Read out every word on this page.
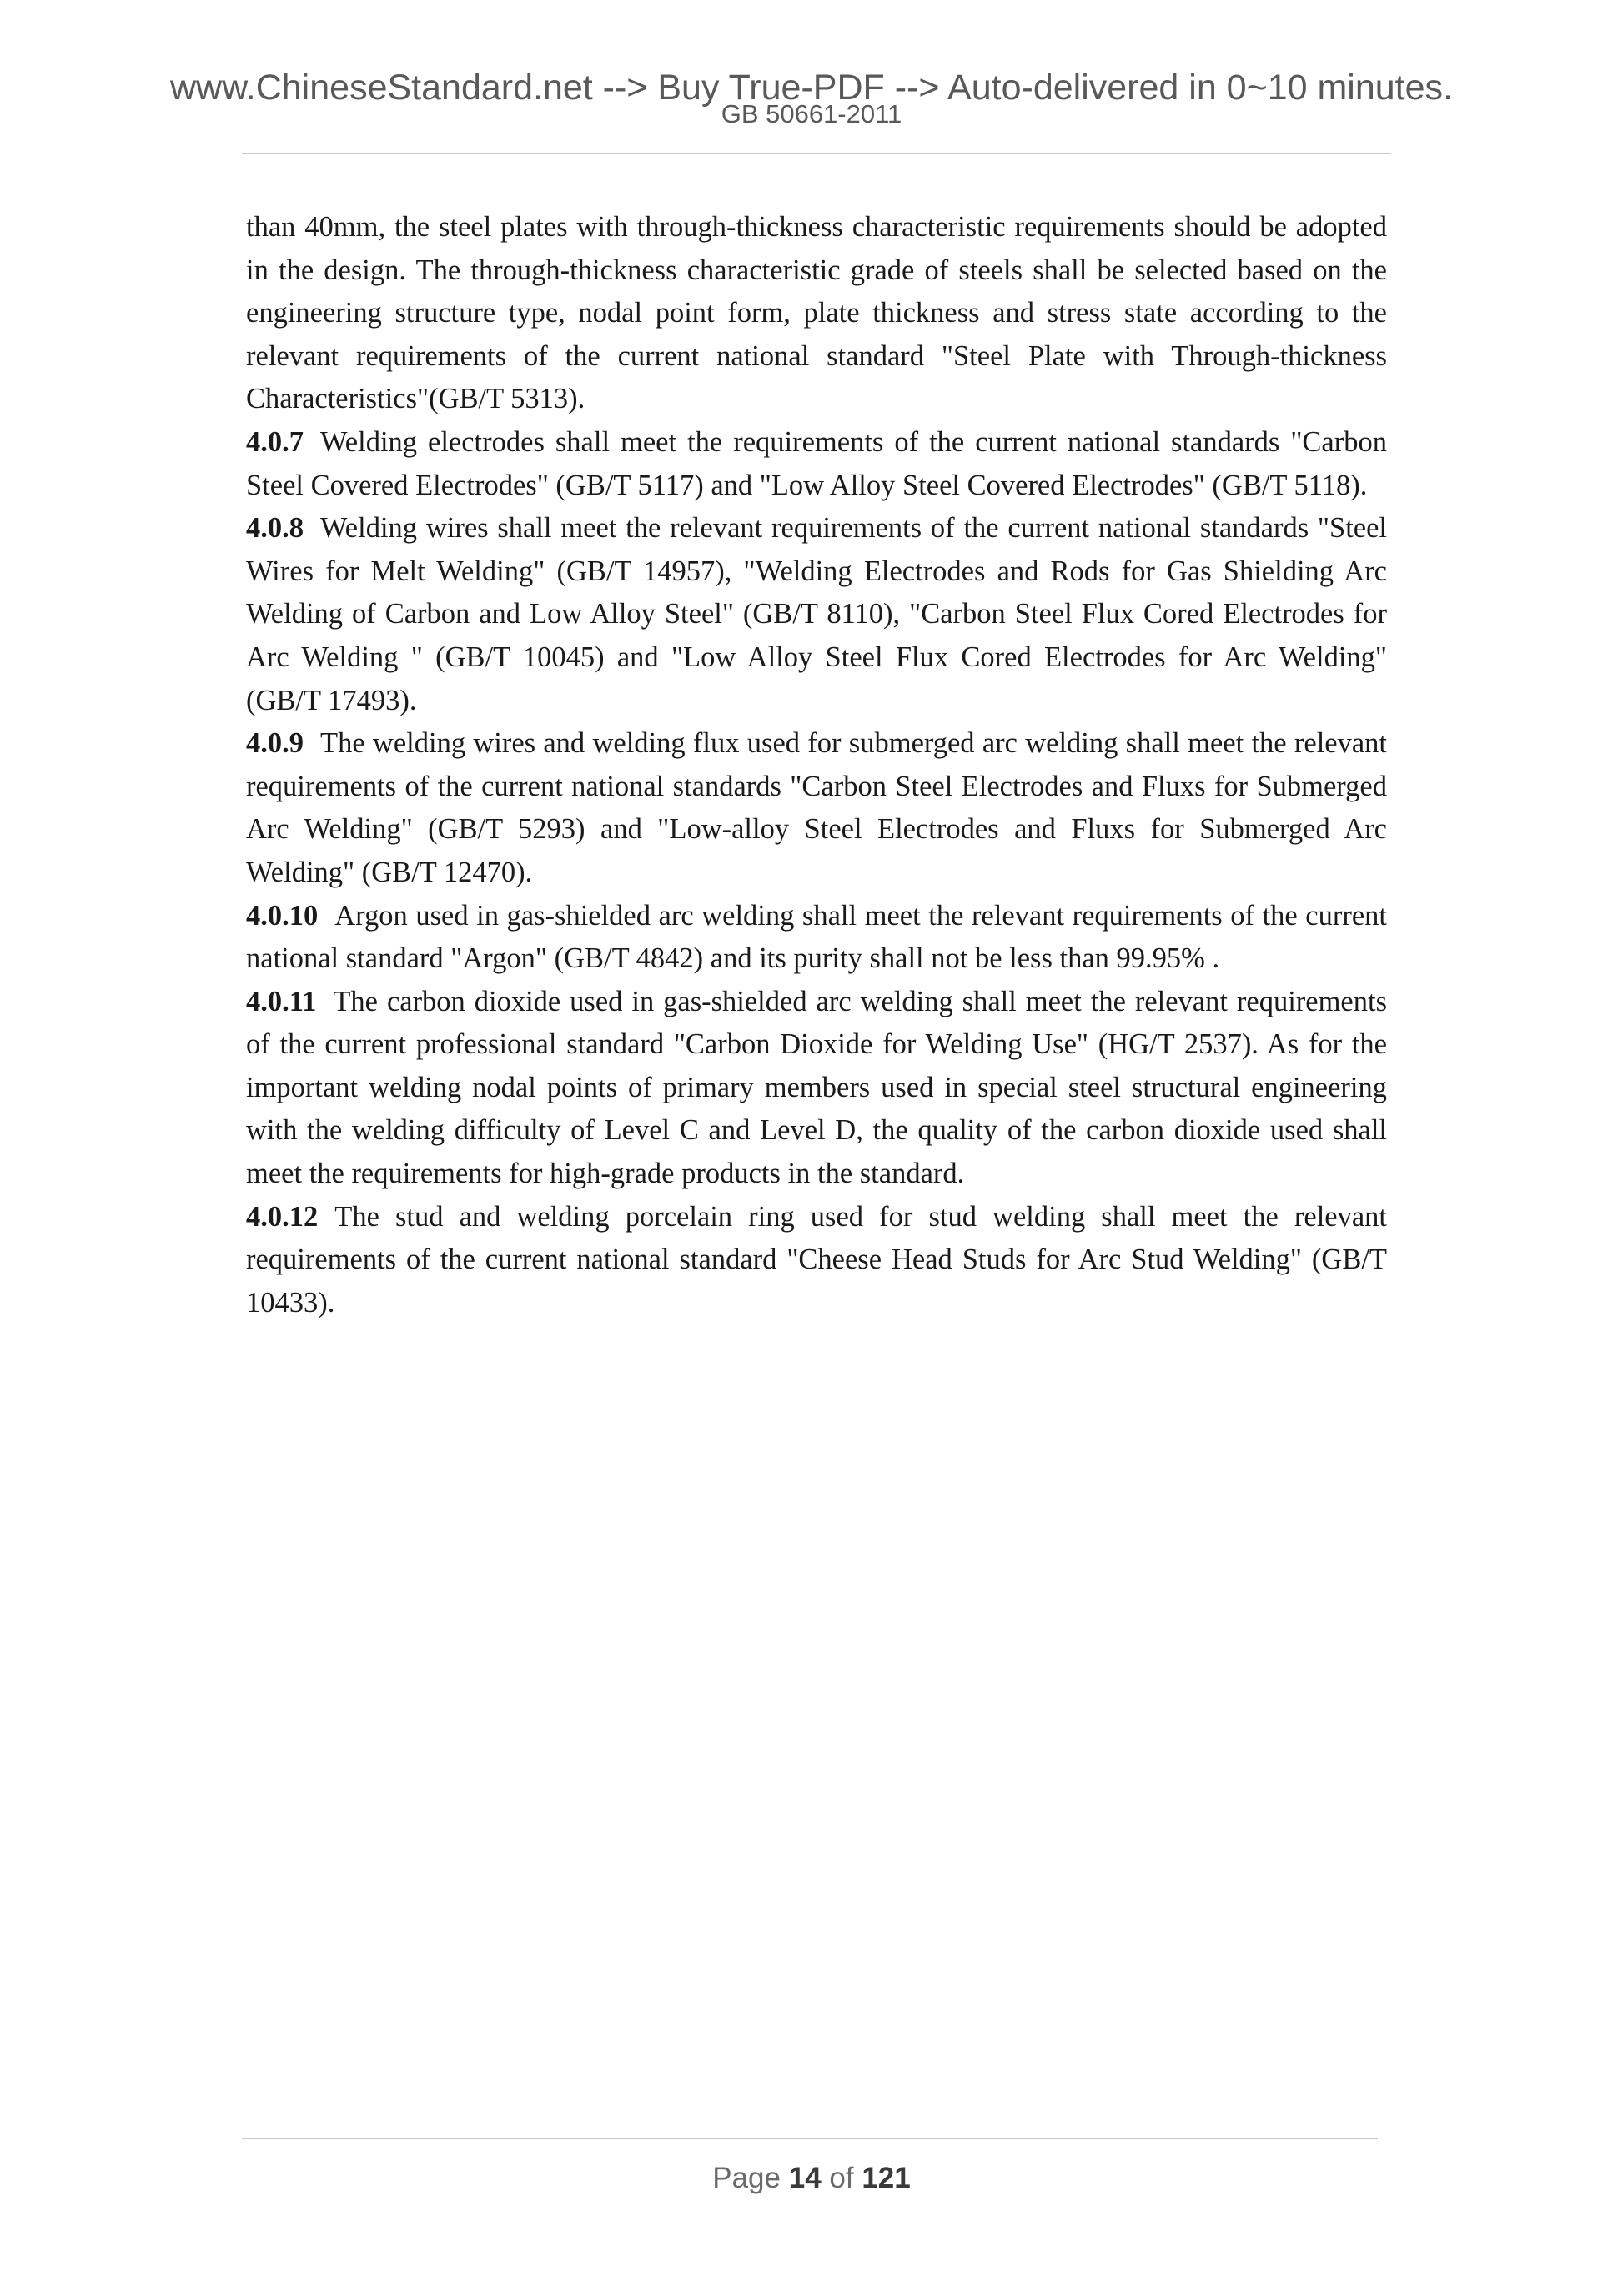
www.ChineseStandard.net --> Buy True-PDF --> Auto-delivered in 0~10 minutes.
GB 50661-2011

than 40mm, the steel plates with through-thickness characteristic requirements should be adopted in the design. The through-thickness characteristic grade of steels shall be selected based on the engineering structure type, nodal point form, plate thickness and stress state according to the relevant requirements of the current national standard "Steel Plate with Through-thickness Characteristics"(GB/T 5313).

4.0.7 Welding electrodes shall meet the requirements of the current national standards "Carbon Steel Covered Electrodes" (GB/T 5117) and "Low Alloy Steel Covered Electrodes" (GB/T 5118).

4.0.8 Welding wires shall meet the relevant requirements of the current national standards "Steel Wires for Melt Welding" (GB/T 14957), "Welding Electrodes and Rods for Gas Shielding Arc Welding of Carbon and Low Alloy Steel" (GB/T 8110), "Carbon Steel Flux Cored Electrodes for Arc Welding " (GB/T 10045) and "Low Alloy Steel Flux Cored Electrodes for Arc Welding" (GB/T 17493).

4.0.9 The welding wires and welding flux used for submerged arc welding shall meet the relevant requirements of the current national standards "Carbon Steel Electrodes and Fluxs for Submerged Arc Welding" (GB/T 5293) and "Low-alloy Steel Electrodes and Fluxs for Submerged Arc Welding" (GB/T 12470).

4.0.10 Argon used in gas-shielded arc welding shall meet the relevant requirements of the current national standard "Argon" (GB/T 4842) and its purity shall not be less than 99.95% .

4.0.11 The carbon dioxide used in gas-shielded arc welding shall meet the relevant requirements of the current professional standard "Carbon Dioxide for Welding Use" (HG/T 2537). As for the important welding nodal points of primary members used in special steel structural engineering with the welding difficulty of Level C and Level D, the quality of the carbon dioxide used shall meet the requirements for high-grade products in the standard.

4.0.12 The stud and welding porcelain ring used for stud welding shall meet the relevant requirements of the current national standard "Cheese Head Studs for Arc Stud Welding" (GB/T 10433).

Page 14 of 121
